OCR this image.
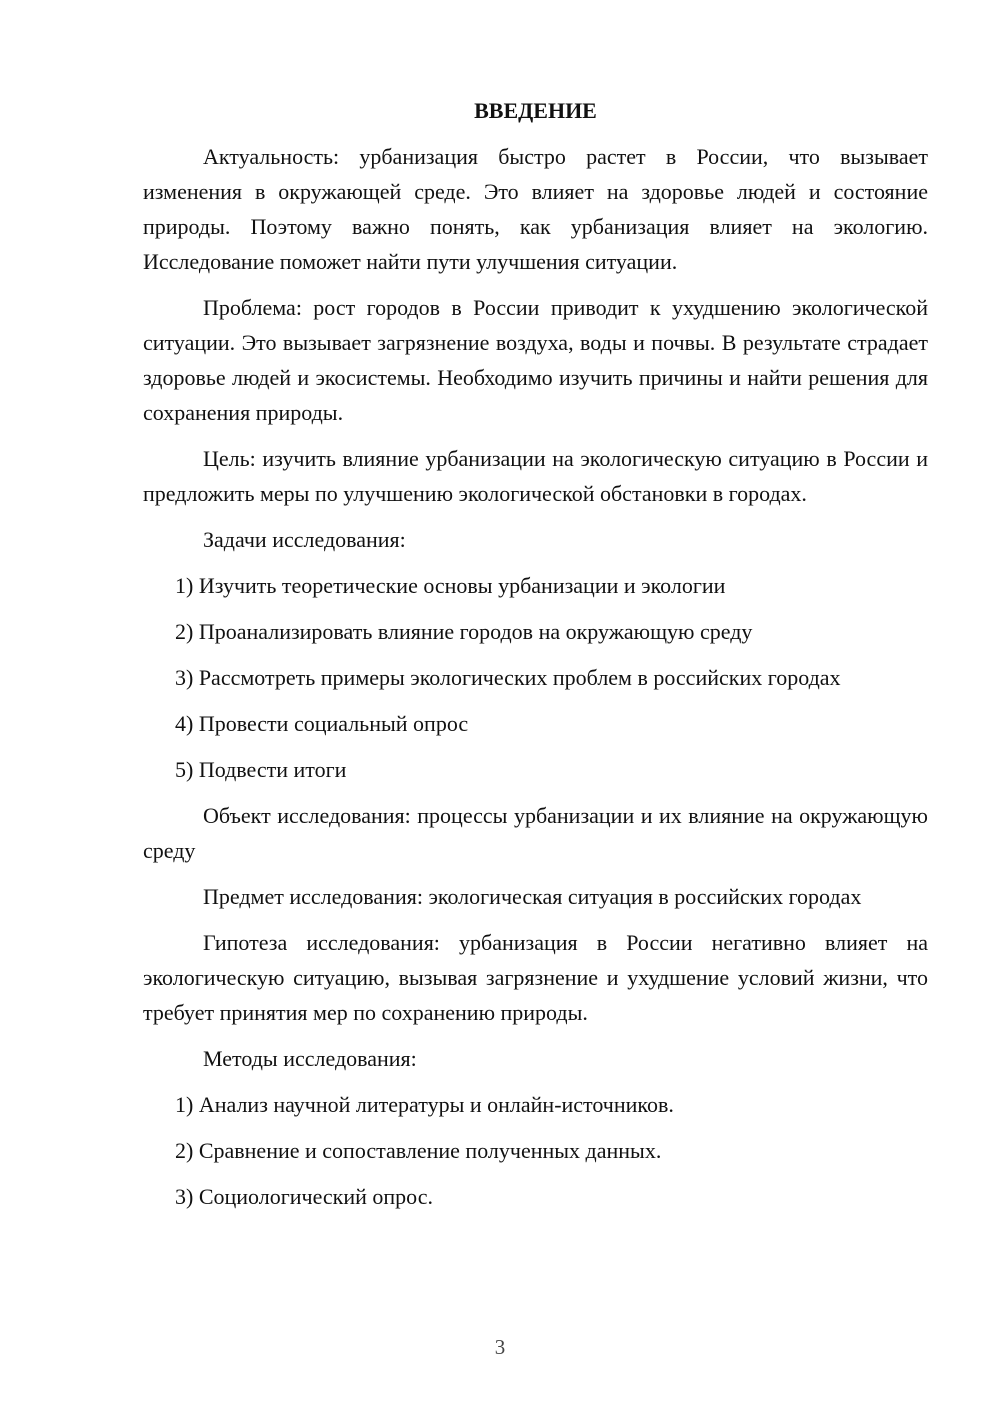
ВВЕДЕНИЕ

Актуальность: урбанизация быстро растет в России, что вызывает изменения в окружающей среде. Это влияет на здоровье людей и состояние природы. Поэтому важно понять, как урбанизация влияет на экологию. Исследование поможет найти пути улучшения ситуации.

Проблема: рост городов в России приводит к ухудшению экологической ситуации. Это вызывает загрязнение воздуха, воды и почвы. В результате страдает здоровье людей и экосистемы. Необходимо изучить причины и найти решения для сохранения природы.

Цель: изучить влияние урбанизации на экологическую ситуацию в России и предложить меры по улучшению экологической обстановки в городах.

Задачи исследования:

1) Изучить теоретические основы урбанизации и экологии
2) Проанализировать влияние городов на окружающую среду
3) Рассмотреть примеры экологических проблем в российских городах
4) Провести социальный опрос
5) Подвести итоги

Объект исследования: процессы урбанизации и их влияние на окружающую среду

Предмет исследования: экологическая ситуация в российских городах

Гипотеза исследования: урбанизация в России негативно влияет на экологическую ситуацию, вызывая загрязнение и ухудшение условий жизни, что требует принятия мер по сохранению природы.

Методы исследования:

1) Анализ научной литературы и онлайн-источников.
2) Сравнение и сопоставление полученных данных.
3) Социологический опрос.
3
